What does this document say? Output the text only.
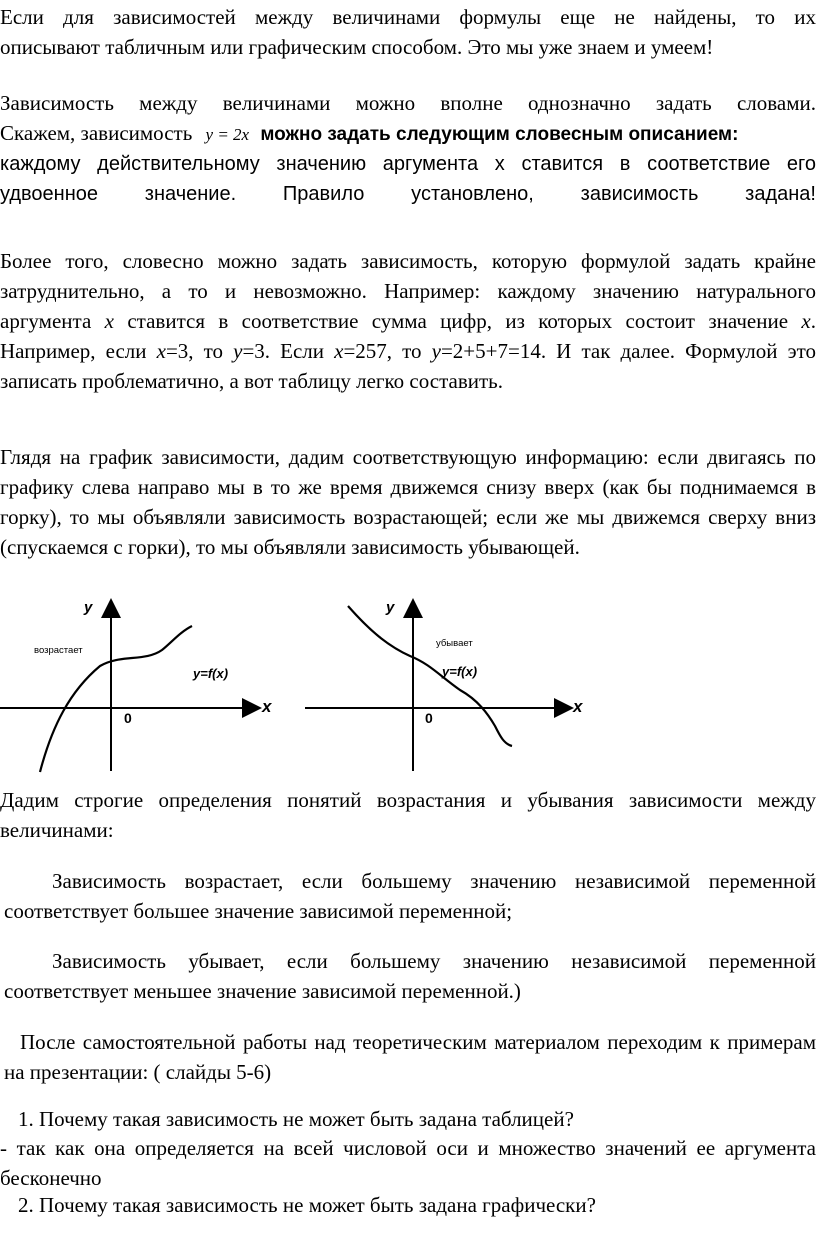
Если для зависимостей между величинами формулы еще не найдены, то их

описывают табличным или графическим способом. Это мы уже знаем и умеем!

Зависимость между величинами можно вполне однозначно задать словами.

Скажем, зависимость y = 2x можно задать следующим словесным описанием:

каждому действительному значению аргумента х ставится в соответствие его

удвоенное значение. Правило установлено, зависимость задана!

Более того, словесно можно задать зависимость, которую формулой задать крайне затруднительно, а то и невозможно. Например: каждому значению натурального аргумента x ставится в соответствие сумма цифр, из которых состоит значение x. Например, если x=3, то y=3. Если x=257, то y=2+5+7=14. И так далее. Формулой это записать проблематично, а вот таблицу легко составить.

Глядя на график зависимости, дадим соответствующую информацию: если двигаясь по графику слева направо мы в то же время движемся снизу вверх (как бы поднимаемся в горку), то мы объявляли зависимость возрастающей; если же мы движемся сверху вниз (спускаемся с горки), то мы объявляли зависимость убывающей.

y
x
0
возрастает
y=f(x)
y
x
0
убывает
y=f(x)

Дадим строгие определения понятий возрастания и убывания зависимости между величинами:

Зависимость возрастает, если большему значению независимой переменной соответствует большее значение зависимой переменной;

Зависимость убывает, если большему значению независимой переменной соответствует меньшее значение зависимой переменной.)

После самостоятельной работы над теоретическим материалом переходим к примерам на презентации: ( слайды 5-6)

1. Почему такая зависимость не может быть задана таблицей?

- так как она определяется на всей числовой оси и множество значений ее аргумента бесконечно

2. Почему такая зависимость не может быть задана графически?
